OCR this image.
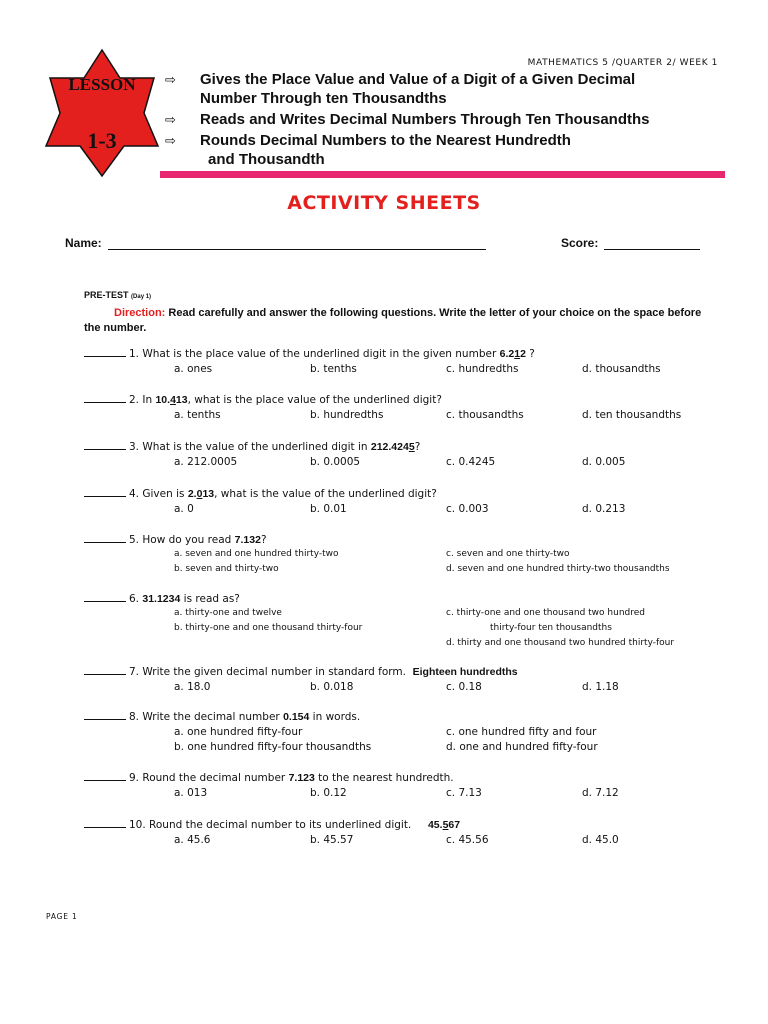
MATHEMATICS 5 /QUARTER 2/ WEEK 1
LESSON
1-3
⇨ Gives the Place Value and Value of a Digit of a Given Decimal
Number Through ten Thousandths
⇨ Reads and Writes Decimal Numbers Through Ten Thousandths
⇨ Rounds Decimal Numbers to the Nearest Hundredth
and Thousandth
ACTIVITY SHEETS
Name:	Score:
PRE-TEST (Day 1)
Direction: Read carefully and answer the following questions. Write the letter of your choice on the space before the number.
1. What is the place value of the underlined digit in the given number 6.212 ?
a. ones	b. tenths	c. hundredths	d. thousandths
2. In 10.413, what is the place value of the underlined digit?
a. tenths	b. hundredths	c. thousandths	d. ten thousandths
3. What is the value of the underlined digit in 212.4245?
a. 212.0005	b. 0.0005	c. 0.4245	d. 0.005
4. Given is 2.013, what is the value of the underlined digit?
a. 0	b. 0.01	c. 0.003	d. 0.213
5. How do you read 7.132?
a. seven and one hundred thirty-two
b. seven and thirty-two
c. seven and one thirty-two
d. seven and one hundred thirty-two thousandths
6. 31.1234 is read as?
a. thirty-one and twelve
b. thirty-one and one thousand thirty-four
c. thirty-one and one thousand two hundred
thirty-four ten thousandths
d. thirty and one thousand two hundred thirty-four
7. Write the given decimal number in standard form.  Eighteen hundredths
a. 18.0	b. 0.018	c. 0.18	d. 1.18
8. Write the decimal number 0.154 in words.
a. one hundred fifty-four
b. one hundred fifty-four thousandths
c. one hundred fifty and four
d. one and hundred fifty-four
9. Round the decimal number 7.123 to the nearest hundredth.
a. 013	b. 0.12	c. 7.13	d. 7.12
10. Round the decimal number to its underlined digit.     45.567
a. 45.6	b. 45.57	c. 45.56	d. 45.0
PAGE 1
